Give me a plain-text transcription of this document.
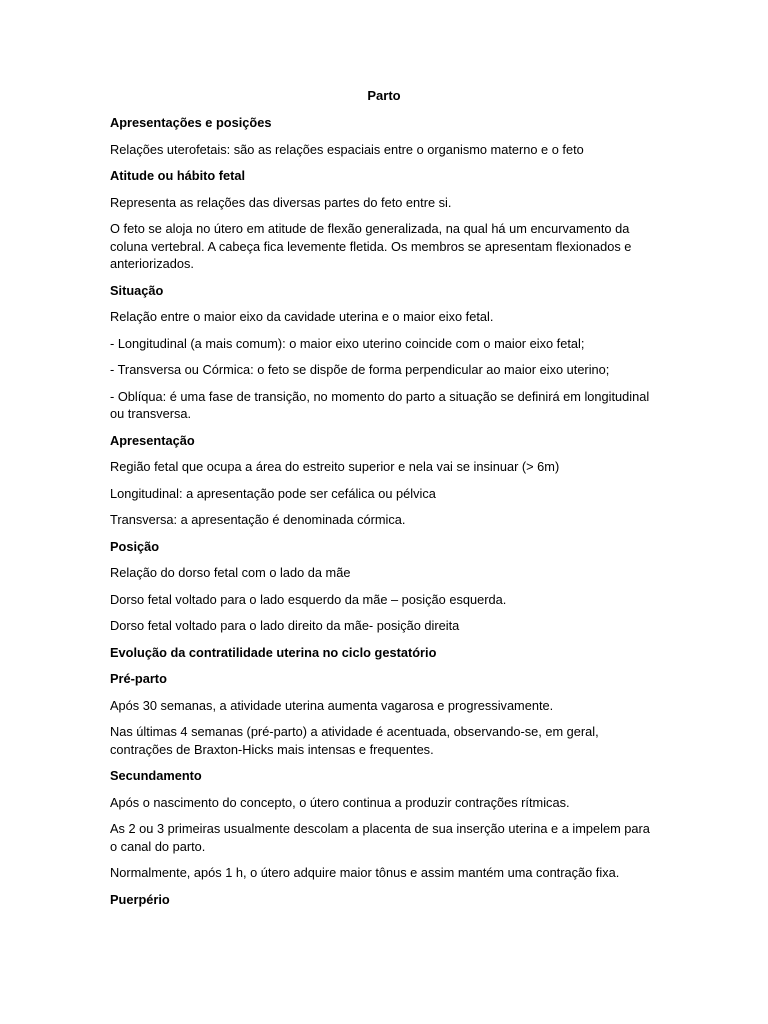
Parto
Apresentações e posições

Relações uterofetais: são as relações espaciais entre o organismo materno e o feto

Atitude ou hábito fetal

Representa as relações das diversas partes do feto entre si.

O feto se aloja no útero em atitude de flexão generalizada, na qual há um encurvamento da coluna vertebral. A cabeça fica levemente fletida. Os membros se apresentam flexionados e anteriorizados.

Situação

Relação entre o maior eixo da cavidade uterina e o maior eixo fetal.

- Longitudinal (a mais comum): o maior eixo uterino coincide com o maior eixo fetal;

- Transversa ou Córmica: o feto se dispõe de forma perpendicular ao maior eixo uterino;

- Oblíqua: é uma fase de transição, no momento do parto a situação se definirá em longitudinal ou transversa.

Apresentação

Região fetal que ocupa a área do estreito superior e nela vai se insinuar (> 6m)

Longitudinal: a apresentação pode ser cefálica ou pélvica

Transversa: a apresentação é denominada córmica.

Posição

Relação do dorso fetal com o lado da mãe

Dorso fetal voltado para o lado esquerdo da mãe – posição esquerda.

Dorso fetal voltado para o lado direito da mãe- posição direita

Evolução da contratilidade uterina no ciclo gestatório
Pré-parto

Após 30 semanas, a atividade uterina aumenta vagarosa e progressivamente.

Nas últimas 4 semanas (pré-parto) a atividade é acentuada, observando-se, em geral, contrações de Braxton-Hicks mais intensas e frequentes.

Secundamento

Após o nascimento do concepto, o útero continua a produzir contrações rítmicas.

As 2 ou 3 primeiras usualmente descolam a placenta de sua inserção uterina e a impelem para o canal do parto.

Normalmente, após 1 h, o útero adquire maior tônus e assim mantém uma contração fixa.

Puerpério
